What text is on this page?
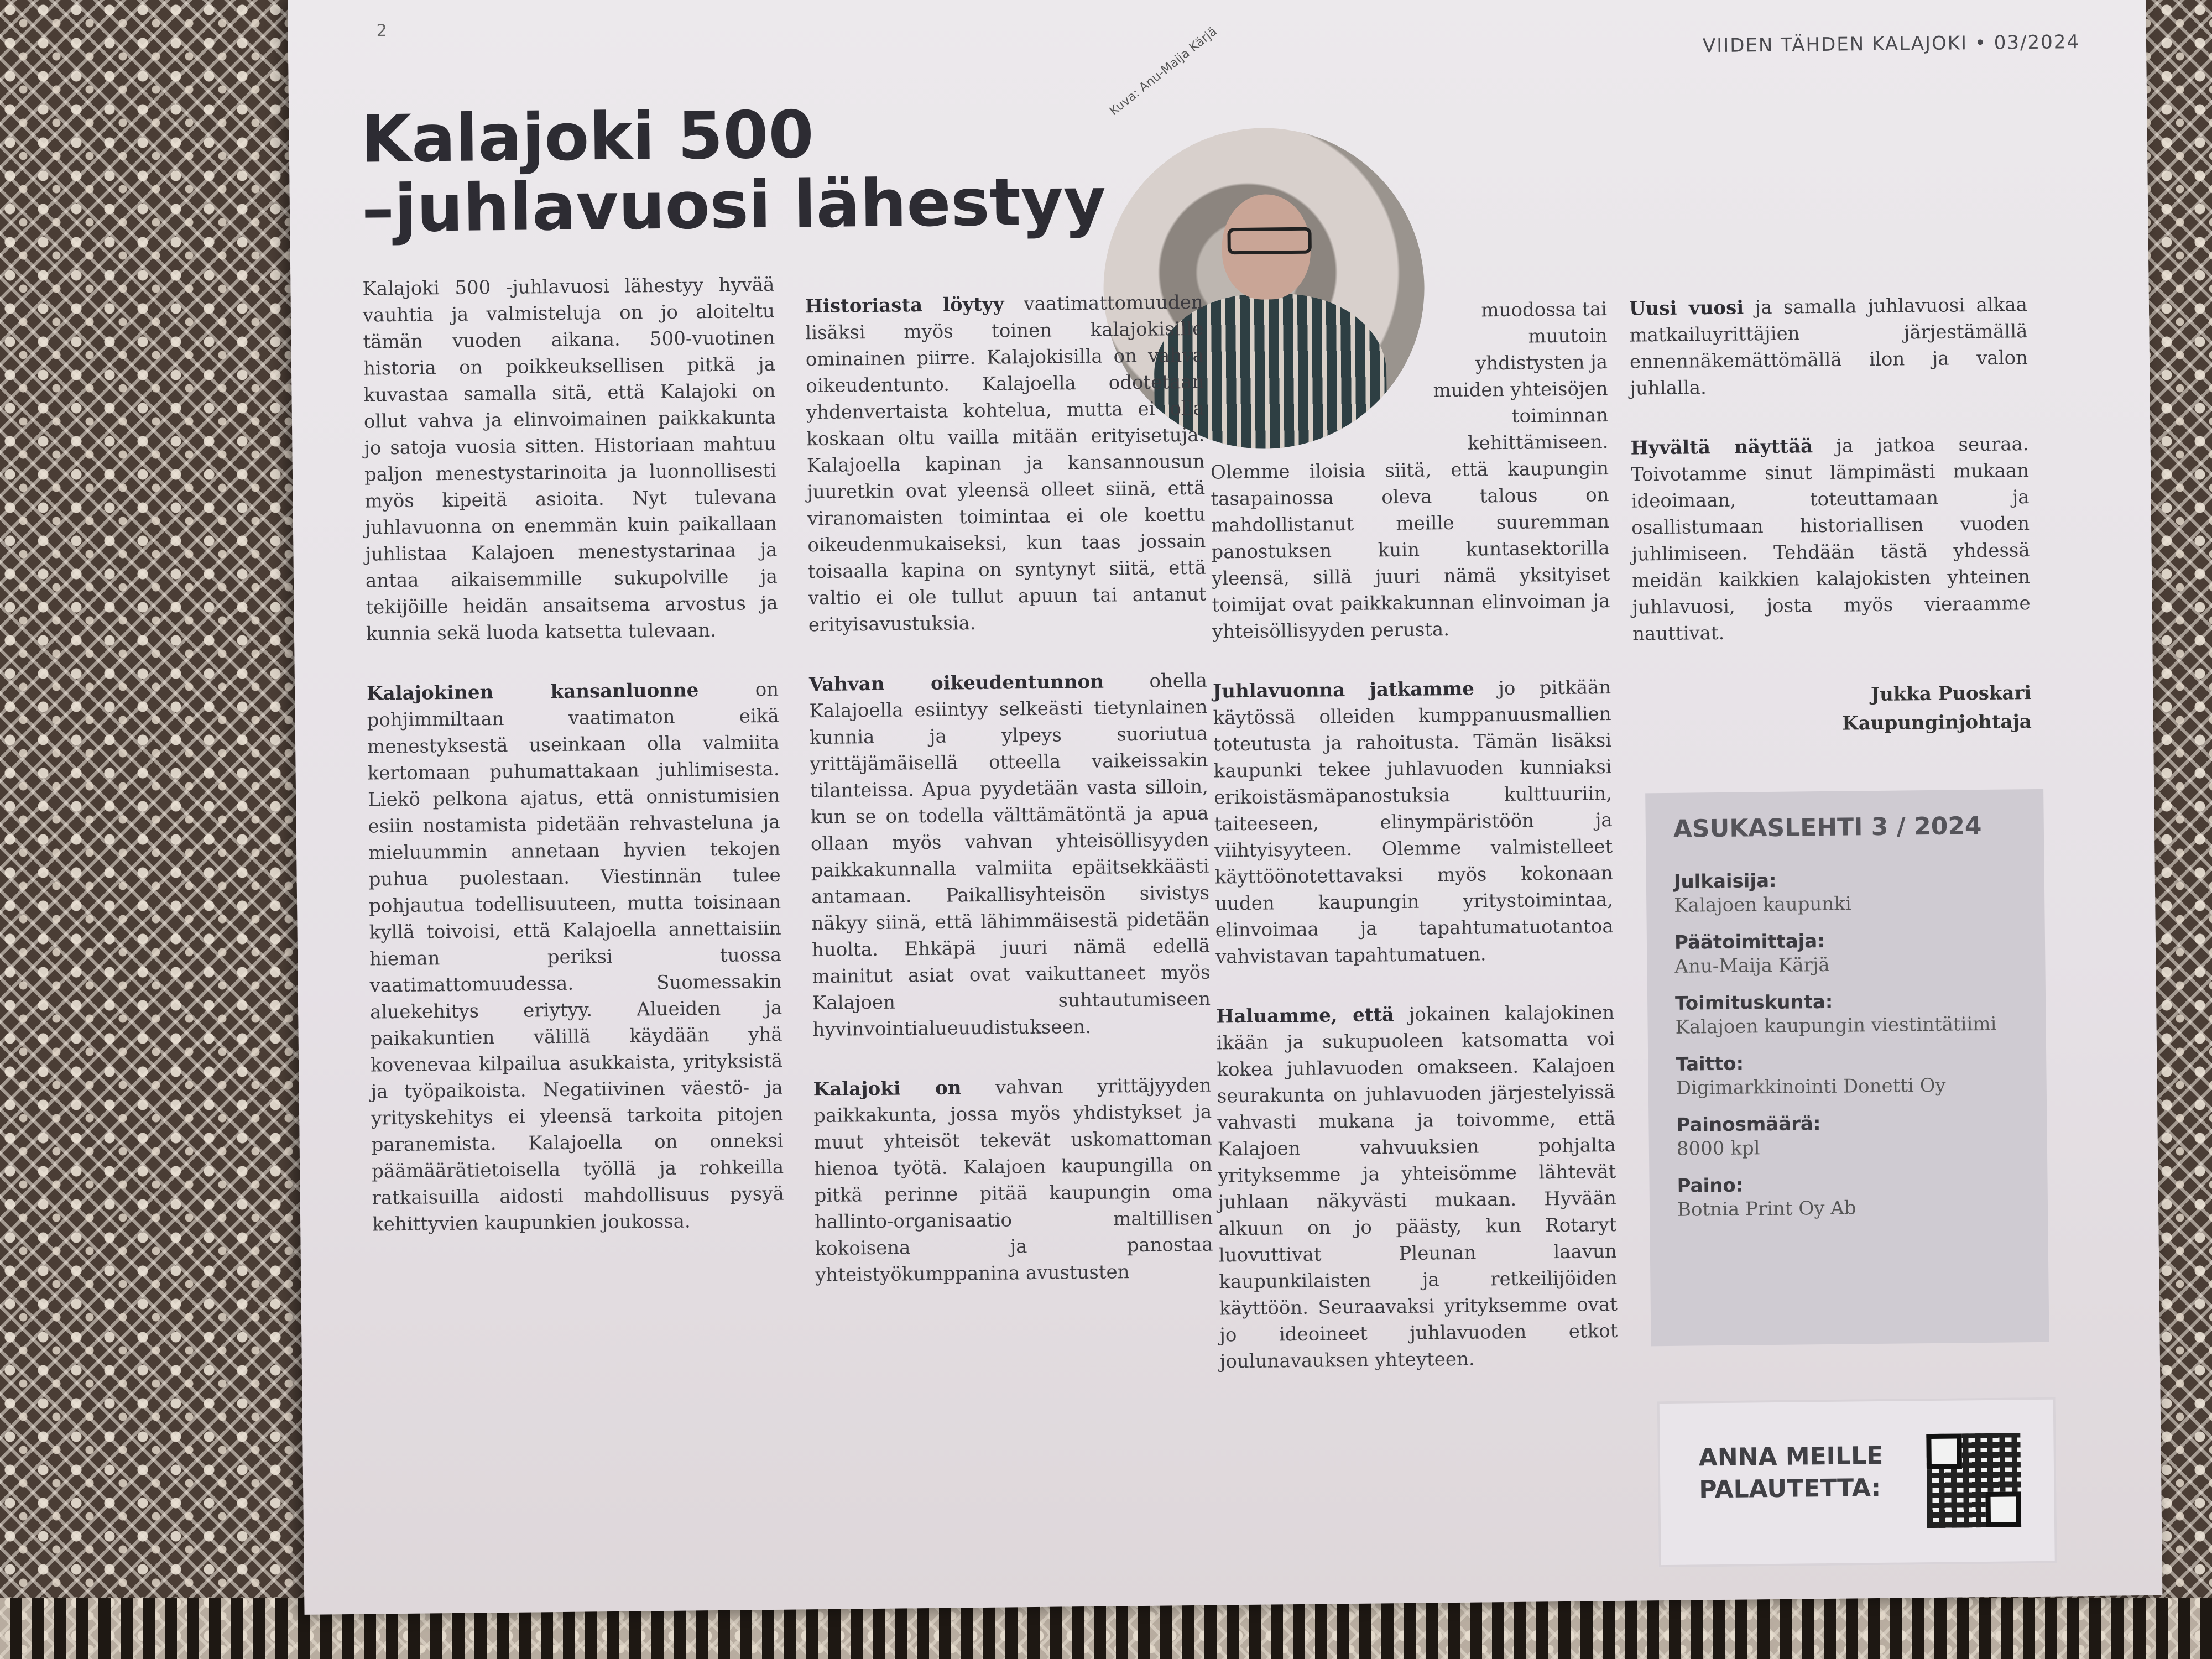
2
VIIDEN TÄHDEN KALAJOKI • 03/2024
Kalajoki 500
–juhlavuosi lähestyy
Kuva: Anu-Maija Kärjä

Kalajoki 500 -juhlavuosi lähestyy hyvää vauhtia ja valmisteluja on jo aloiteltu tämän vuoden aikana. 500-vuotinen historia on poikkeuksellisen pitkä ja kuvastaa samalla sitä, että Kalajoki on ollut vahva ja elinvoimainen paikkakunta jo satoja vuosia sitten. Historiaan mahtuu paljon menestystarinoita ja luonnollisesti myös kipeitä asioita. Nyt tulevana juhlavuonna on enemmän kuin paikallaan juhlistaa Kalajoen menestystarinaa ja antaa aikaisemmille sukupolville ja tekijöille heidän ansaitsema arvostus ja kunnia sekä luoda katsetta tulevaan.

Kalajokinen kansanluonne on pohjimmiltaan vaatimaton eikä menestyksestä useinkaan olla valmiita kertomaan puhumattakaan juhlimisesta. Liekö pelkona ajatus, että onnistumisien esiin nostamista pidetään rehvasteluna ja mieluummin annetaan hyvien tekojen puhua puolestaan. Viestinnän tulee pohjautua todellisuuteen, mutta toisinaan kyllä toivoisi, että Kalajoella annettaisiin hieman periksi tuossa vaatimattomuudessa. Suomessakin aluekehitys eriytyy. Alueiden ja paikakuntien välillä käydään yhä kovenevaa kilpailua asukkaista, yrityksistä ja työpaikoista. Negatiivinen väestö- ja yrityskehitys ei yleensä tarkoita pitojen paranemista. Kalajoella on onneksi päämäärätietoisella työllä ja rohkeilla ratkaisuilla aidosti mahdollisuus pysyä kehittyvien kaupunkien joukossa.

Historiasta löytyy vaatimattomuuden lisäksi myös toinen kalajokisille ominainen piirre. Kalajokisilla on vahva oikeudentunto. Kalajoella odotetaan yhdenvertaista kohtelua, mutta ei olla koskaan oltu vailla mitään erityisetuja. Kalajoella kapinan ja kansannousun juuretkin ovat yleensä olleet siinä, että viranomaisten toimintaa ei ole koettu oikeudenmukaiseksi, kun taas jossain toisaalla kapina on syntynyt siitä, että valtio ei ole tullut apuun tai antanut erityisavustuksia.

Vahvan oikeudentunnon ohella Kalajoella esiintyy selkeästi tietynlainen kunnia ja ylpeys suoriutua yrittäjämäisellä otteella vaikeissakin tilanteissa. Apua pyydetään vasta silloin, kun se on todella välttämätöntä ja apua ollaan myös vahvan yhteisöllisyyden paikkakunnalla valmiita epäitsekkäästi antamaan. Paikallisyhteisön sivistys näkyy siinä, että lähimmäisestä pidetään huolta. Ehkäpä juuri nämä edellä mainitut asiat ovat vaikuttaneet myös Kalajoen suhtautumiseen hyvinvointialueuudistukseen.

Kalajoki on vahvan yrittäjyyden paikkakunta, jossa myös yhdistykset ja muut yhteisöt tekevät uskomattoman hienoa työtä. Kalajoen kaupungilla on pitkä perinne pitää kaupungin oma hallinto-organisaatio maltillisen kokoisena ja panostaa yhteistyökumppanina avustusten

muodossa tai muutoin yhdistysten ja muiden yhteisöjen toiminnan kehittämiseen.

Olemme iloisia siitä, että kaupungin tasapainossa oleva talous on mahdollistanut meille suuremman panostuksen kuin kuntasektorilla yleensä, sillä juuri nämä yksityiset toimijat ovat paikkakunnan elinvoiman ja yhteisöllisyyden perusta.

Juhlavuonna jatkamme jo pitkään käytössä olleiden kumppanuusmallien toteutusta ja rahoitusta. Tämän lisäksi kaupunki tekee juhlavuoden kunniaksi erikoistäsmäpanostuksia kulttuuriin, taiteeseen, elinympäristöön ja viihtyisyyteen. Olemme valmistelleet käyttöönotettavaksi myös kokonaan uuden kaupungin yritystoimintaa, elinvoimaa ja tapahtumatuotantoa vahvistavan tapahtumatuen.

Haluamme, että jokainen kalajokinen ikään ja sukupuoleen katsomatta voi kokea juhlavuoden omakseen. Kalajoen seurakunta on juhlavuoden järjestelyissä vahvasti mukana ja toivomme, että Kalajoen vahvuuksien pohjalta yrityksemme ja yhteisömme lähtevät juhlaan näkyvästi mukaan. Hyvään alkuun on jo päästy, kun Rotaryt luovuttivat Pleunan laavun kaupunkilaisten ja retkeilijöiden käyttöön. Seuraavaksi yrityksemme ovat jo ideoineet juhlavuoden etkot joulunavauksen yhteyteen.

Uusi vuosi ja samalla juhlavuosi alkaa matkailuyrittäjien järjestämällä ennennäkemättömällä ilon ja valon juhlalla.

Hyvältä näyttää ja jatkoa seuraa. Toivotamme sinut lämpimästi mukaan ideoimaan, toteuttamaan ja osallistumaan historiallisen vuoden juhlimiseen. Tehdään tästä yhdessä meidän kaikkien kalajokisten yhteinen juhlavuosi, josta myös vieraamme nauttivat.

Jukka Puoskari
Kaupunginjohtaja
ASUKASLEHTI 3 / 2024
Julkaisija:
Kalajoen kaupunki
Päätoimittaja:
Anu-Maija Kärjä
Toimituskunta:
Kalajoen kaupungin viestintätiimi
Taitto:
Digimarkkinointi Donetti Oy
Painosmäärä:
8000 kpl
Paino:
Botnia Print Oy Ab
ANNA MEILLE
PALAUTETTA:
